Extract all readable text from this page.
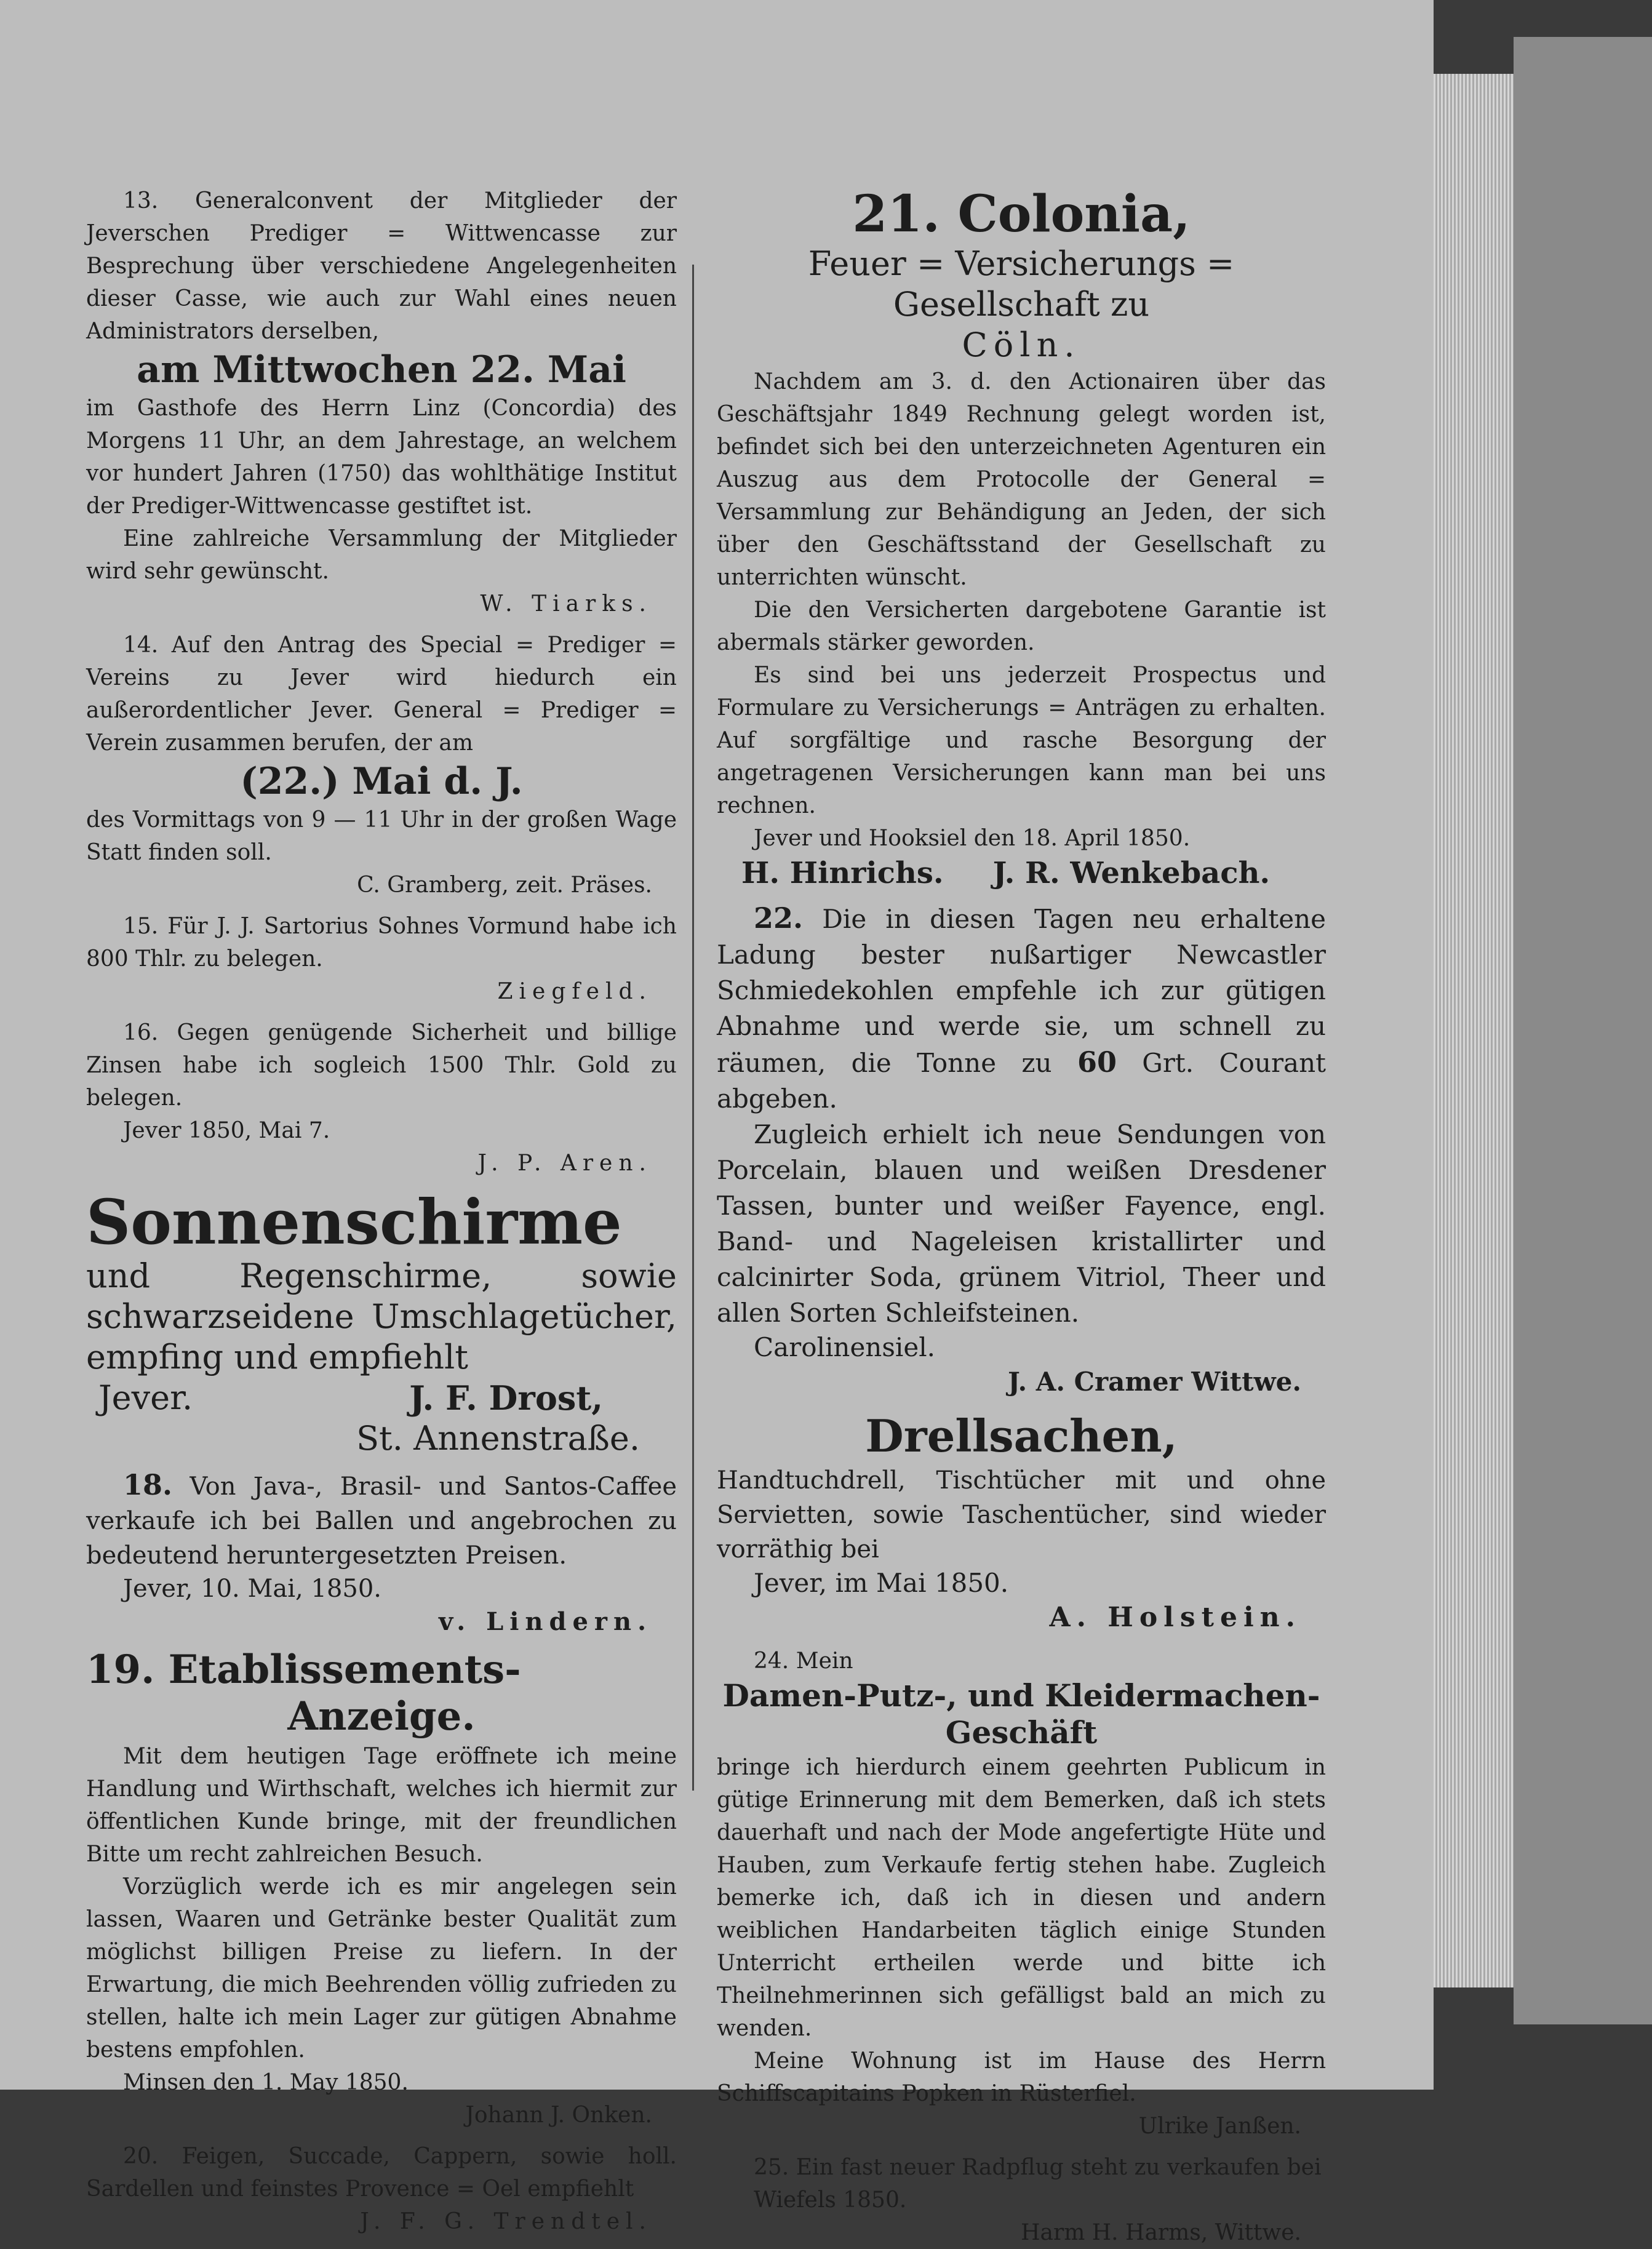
13. Generalconvent der Mitglieder der Jeverschen Prediger = Wittwencasse zur Besprechung über verschiedene Angelegenheiten dieser Casse, wie auch zur Wahl eines neuen Administrators derselben,

am Mittwochen 22. Mai

im Gasthofe des Herrn Linz (Concordia) des Morgens 11 Uhr, an dem Jahrestage, an welchem vor hundert Jahren (1750) das wohlthätige Institut der Prediger-Wittwencasse gestiftet ist.

Eine zahlreiche Versammlung der Mitglieder wird sehr gewünscht.

W. Tiarks.

14. Auf den Antrag des Special = Prediger = Vereins zu Jever wird hiedurch ein außerordentlicher Jever. General = Prediger = Verein zusammen berufen, der am

(22.) Mai d. J.

des Vormittags von 9 — 11 Uhr in der großen Wage Statt finden soll.

C. Gramberg, zeit. Präses.

15. Für J. J. Sartorius Sohnes Vormund habe ich 800 Thlr. zu belegen.

Ziegfeld.

16. Gegen genügende Sicherheit und billige Zinsen habe ich sogleich 1500 Thlr. Gold zu belegen.

Jever 1850, Mai 7.

J. P. Aren.

Sonnenschirme

und Regenschirme, sowie schwarzseidene Umschlagetücher, empfing und empfiehlt

Jever.	J. F. Drost,

St. Annenstraße.

18. Von Java-, Brasil- und Santos-Caffee verkaufe ich bei Ballen und angebrochen zu bedeutend heruntergesetzten Preisen.

Jever, 10. Mai, 1850.

v. Lindern.

19. Etablissements-

Anzeige.

Mit dem heutigen Tage eröffnete ich meine Handlung und Wirthschaft, welches ich hiermit zur öffentlichen Kunde bringe, mit der freundlichen Bitte um recht zahlreichen Besuch.

Vorzüglich werde ich es mir angelegen sein lassen, Waaren und Getränke bester Qualität zum möglichst billigen Preise zu liefern. In der Erwartung, die mich Beehrenden völlig zufrieden zu stellen, halte ich mein Lager zur gütigen Abnahme bestens empfohlen.

Minsen den 1. May 1850.

Johann J. Onken.

20. Feigen, Succade, Cappern, sowie holl. Sardellen und feinstes Provence = Oel empfiehlt

J. F. G. Trendtel.

21. Colonia,

Feuer = Versicherungs = Gesellschaft zu

Cöln.

Nachdem am 3. d. den Actionairen über das Geschäftsjahr 1849 Rechnung gelegt worden ist, befindet sich bei den unterzeichneten Agenturen ein Auszug aus dem Protocolle der General = Versammlung zur Behändigung an Jeden, der sich über den Geschäftsstand der Gesellschaft zu unterrichten wünscht.

Die den Versicherten dargebotene Garantie ist abermals stärker geworden.

Es sind bei uns jederzeit Prospectus und Formulare zu Versicherungs = Anträgen zu erhalten. Auf sorgfältige und rasche Besorgung der angetragenen Versicherungen kann man bei uns rechnen.

Jever und Hooksiel den 18. April 1850.

H. Hinrichs. J. R. Wenkebach.

22. Die in diesen Tagen neu erhaltene Ladung bester nußartiger Newcastler Schmiedekohlen empfehle ich zur gütigen Abnahme und werde sie, um schnell zu räumen, die Tonne zu 60 Grt. Courant abgeben.

Zugleich erhielt ich neue Sendungen von Porcelain, blauen und weißen Dresdener Tassen, bunter und weißer Fayence, engl. Band- und Nageleisen kristallirter und calcinirter Soda, grünem Vitriol, Theer und allen Sorten Schleifsteinen.

Carolinensiel.

J. A. Cramer Wittwe.

Drellsachen,

Handtuchdrell, Tischtücher mit und ohne Servietten, sowie Taschentücher, sind wieder vorräthig bei

Jever, im Mai 1850.

A. Holstein.

24. Mein

Damen-Putz-, und Kleidermachen-

Geschäft

bringe ich hierdurch einem geehrten Publicum in gütige Erinnerung mit dem Bemerken, daß ich stets dauerhaft und nach der Mode angefertigte Hüte und Hauben, zum Verkaufe fertig stehen habe. Zugleich bemerke ich, daß ich in diesen und andern weiblichen Handarbeiten täglich einige Stunden Unterricht ertheilen werde und bitte ich Theilnehmerinnen sich gefälligst bald an mich zu wenden.

Meine Wohnung ist im Hause des Herrn Schiffscapitains Popken in Rüsterfiel.

Ulrike Janßen.

25. Ein fast neuer Radpflug steht zu verkaufen bei

Wiefels 1850.

Harm H. Harms, Wittwe.
